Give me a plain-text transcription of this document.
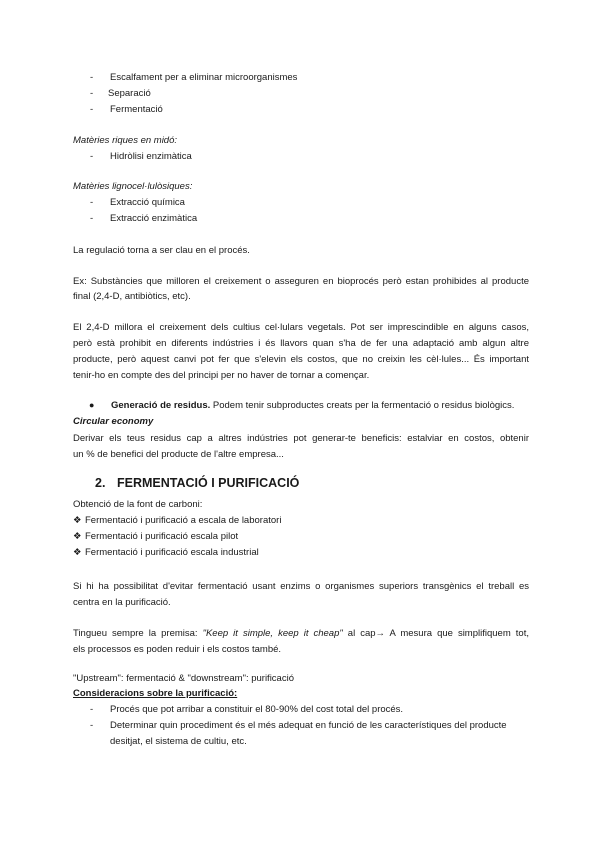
- Escalfament per a eliminar microorganismes
- Separació
- Fermentació
Matèries riques en midó:
- Hidròlisi enzimàtica
Matèries lignocel·lulòsiques:
- Extracció química
- Extracció enzimàtica
La regulació torna a ser clau en el procés.
Ex: Substàncies que milloren el creixement o asseguren en bioprocés però estan prohibides al producte final (2,4-D, antibiòtics, etc).
El 2,4-D millora el creixement dels cultius cel·lulars vegetals. Pot ser imprescindible en alguns casos,
però està prohibit en diferents indústries i és llavors quan s'ha de fer una adaptació amb algun altre
producte, però aquest canvi pot fer que s'elevin els costos, que no creixin les cèl·lules... És important
tenir-ho en compte des del principi per no haver de tornar a començar.
● Generació de residus. Podem tenir subproductes creats per la fermentació o residus biològics.
Circular economy
Derivar els teus residus cap a altres indústries pot generar-te beneficis: estalviar en costos, obtenir
un % de benefici del producte de l'altre empresa...
2. FERMENTACIÓ I PURIFICACIÓ
Obtenció de la font de carboni:
❖ Fermentació i purificació a escala de laboratori
❖ Fermentació i purificació escala pilot
❖ Fermentació i purificació escala industrial
Si hi ha possibilitat d'evitar fermentació usant enzims o organismes superiors transgènics el treball es
centra en la purificació.
Tingueu sempre la premisa: "Keep it simple, keep it cheap" al cap→ A mesura que simplifiquem tot,
els processos es poden reduir i els costos també.
"Upstream": fermentació & "downstream": purificació
Consideracions sobre la purificació:
- Procés que pot arribar a constituir el 80-90% del cost total del procés.
- Determinar quin procediment és el més adequat en funció de les característiques del producte
desitjat, el sistema de cultiu, etc.
